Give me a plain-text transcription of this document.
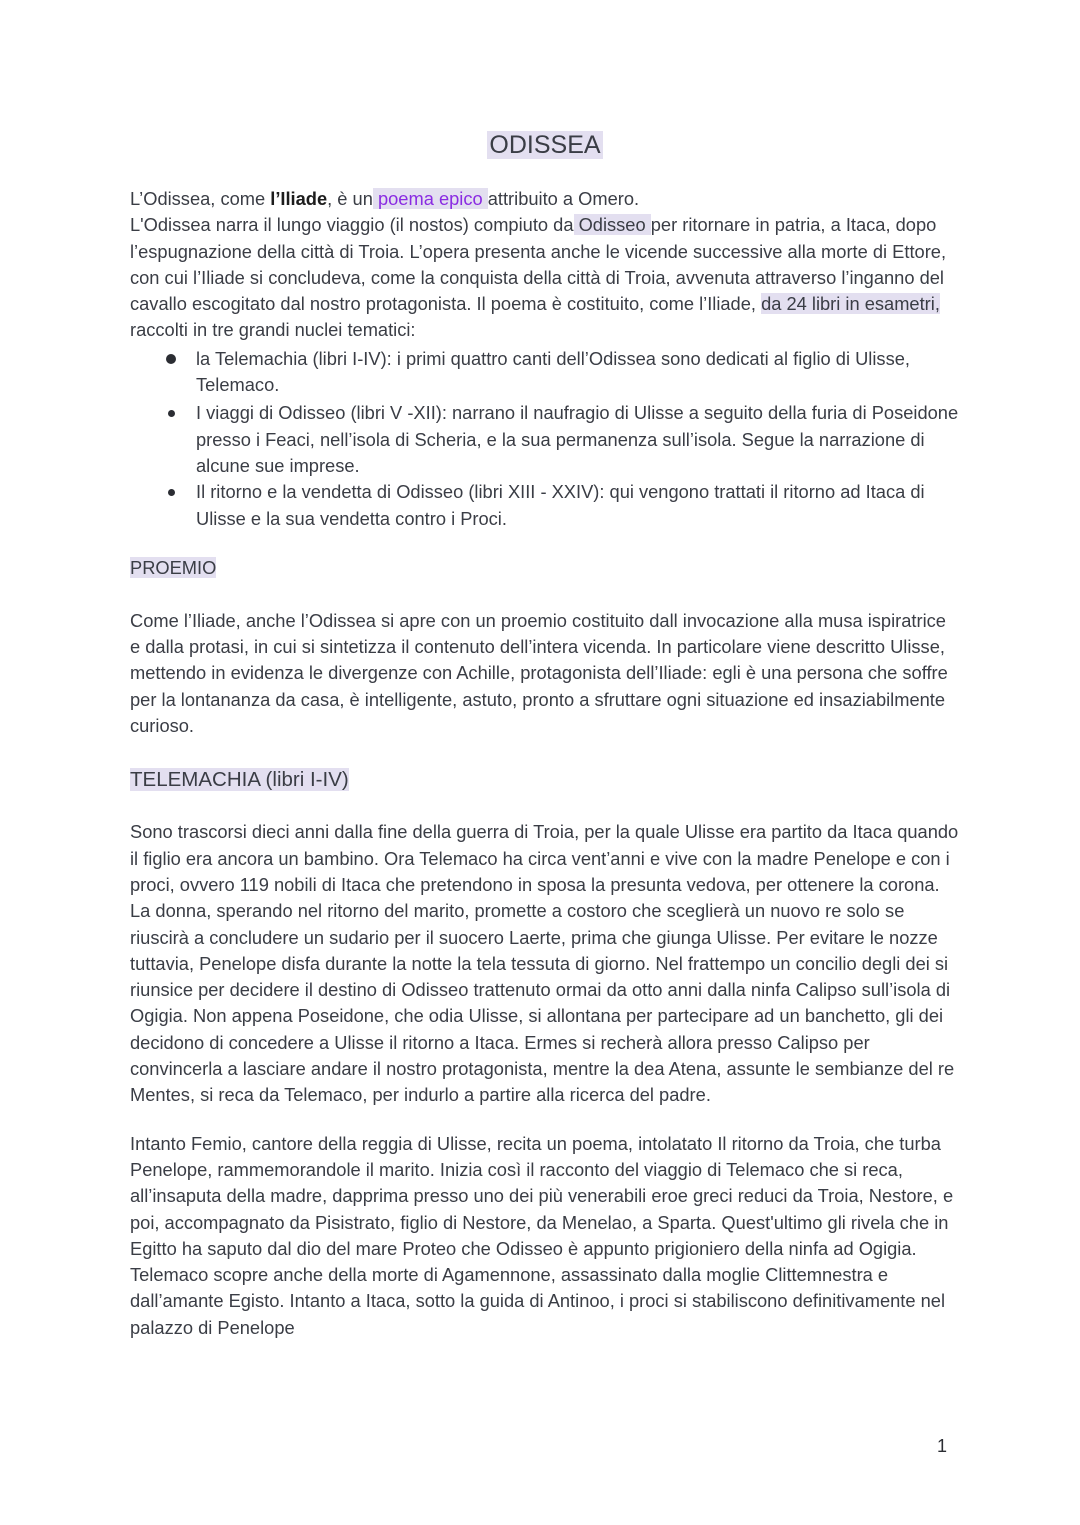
ODISSEA

L’Odissea, come l’Iliade, è un poema epico attribuito a Omero.
L'Odissea narra il lungo viaggio (il nostos) compiuto da Odisseo per ritornare in patria, a Itaca, dopo l’espugnazione della città di Troia. L’opera presenta anche le vicende successive alla morte di Ettore, con cui l’Iliade si concludeva, come la conquista della città di Troia, avvenuta attraverso l’inganno del cavallo escogitato dal nostro protagonista. Il poema è costituito, come l’Iliade, da 24 libri in esametri, raccolti in tre grandi nuclei tematici:

la Telemachia (libri I-IV): i primi quattro canti dell’Odissea sono dedicati al figlio di Ulisse, Telemaco.
I viaggi di Odisseo (libri V -XII): narrano il naufragio di Ulisse a seguito della furia di Poseidone presso i Feaci, nell’isola di Scheria, e la sua permanenza sull’isola. Segue la narrazione di alcune sue imprese.
Il ritorno e la vendetta di Odisseo (libri XIII - XXIV): qui vengono trattati il ritorno ad Itaca di Ulisse e la sua vendetta contro i Proci.
PROEMIO

Come l’Iliade, anche l’Odissea si apre con un proemio costituito dall invocazione alla musa ispiratrice e dalla protasi, in cui si sintetizza il contenuto dell’intera vicenda. In particolare viene descritto Ulisse, mettendo in evidenza le divergenze con Achille, protagonista dell’Iliade: egli è una persona che soffre per la lontananza da casa, è intelligente, astuto, pronto a sfruttare ogni situazione ed insaziabilmente curioso.

TELEMACHIA (libri I-IV)

Sono trascorsi dieci anni dalla fine della guerra di Troia, per la quale Ulisse era partito da Itaca quando il figlio era ancora un bambino. Ora Telemaco ha circa vent’anni e vive con la madre Penelope e con i proci, ovvero 119 nobili di Itaca che pretendono in sposa la presunta vedova, per ottenere la corona. La donna, sperando nel ritorno del marito, promette a costoro che sceglierà un nuovo re solo se riuscirà a concludere un sudario per il suocero Laerte, prima che giunga Ulisse. Per evitare le nozze tuttavia, Penelope disfa durante la notte la tela tessuta di giorno. Nel frattempo un concilio degli dei si riunsice per decidere il destino di Odisseo trattenuto ormai da otto anni dalla ninfa Calipso sull’isola di Ogigia. Non appena Poseidone, che odia Ulisse, si allontana per partecipare ad un banchetto, gli dei decidono di concedere a Ulisse il ritorno a Itaca. Ermes si recherà allora presso Calipso per convincerla a lasciare andare il nostro protagonista, mentre la dea Atena, assunte le sembianze del re Mentes, si reca da Telemaco, per indurlo a partire alla ricerca del padre.

Intanto Femio, cantore della reggia di Ulisse, recita un poema, intolatato Il ritorno da Troia, che turba Penelope, rammemorandole il marito. Inizia così il racconto del viaggio di Telemaco che si reca, all’insaputa della madre, dapprima presso uno dei più venerabili eroe greci reduci da Troia, Nestore, e poi, accompagnato da Pisistrato, figlio di Nestore, da Menelao, a Sparta. Quest'ultimo gli rivela che in Egitto ha saputo dal dio del mare Proteo che Odisseo è appunto prigioniero della ninfa ad Ogigia. Telemaco scopre anche della morte di Agamennone, assassinato dalla moglie Clittemnestra e dall’amante Egisto. Intanto a Itaca, sotto la guida di Antinoo, i proci si stabiliscono definitivamente nel palazzo di Penelope

1
